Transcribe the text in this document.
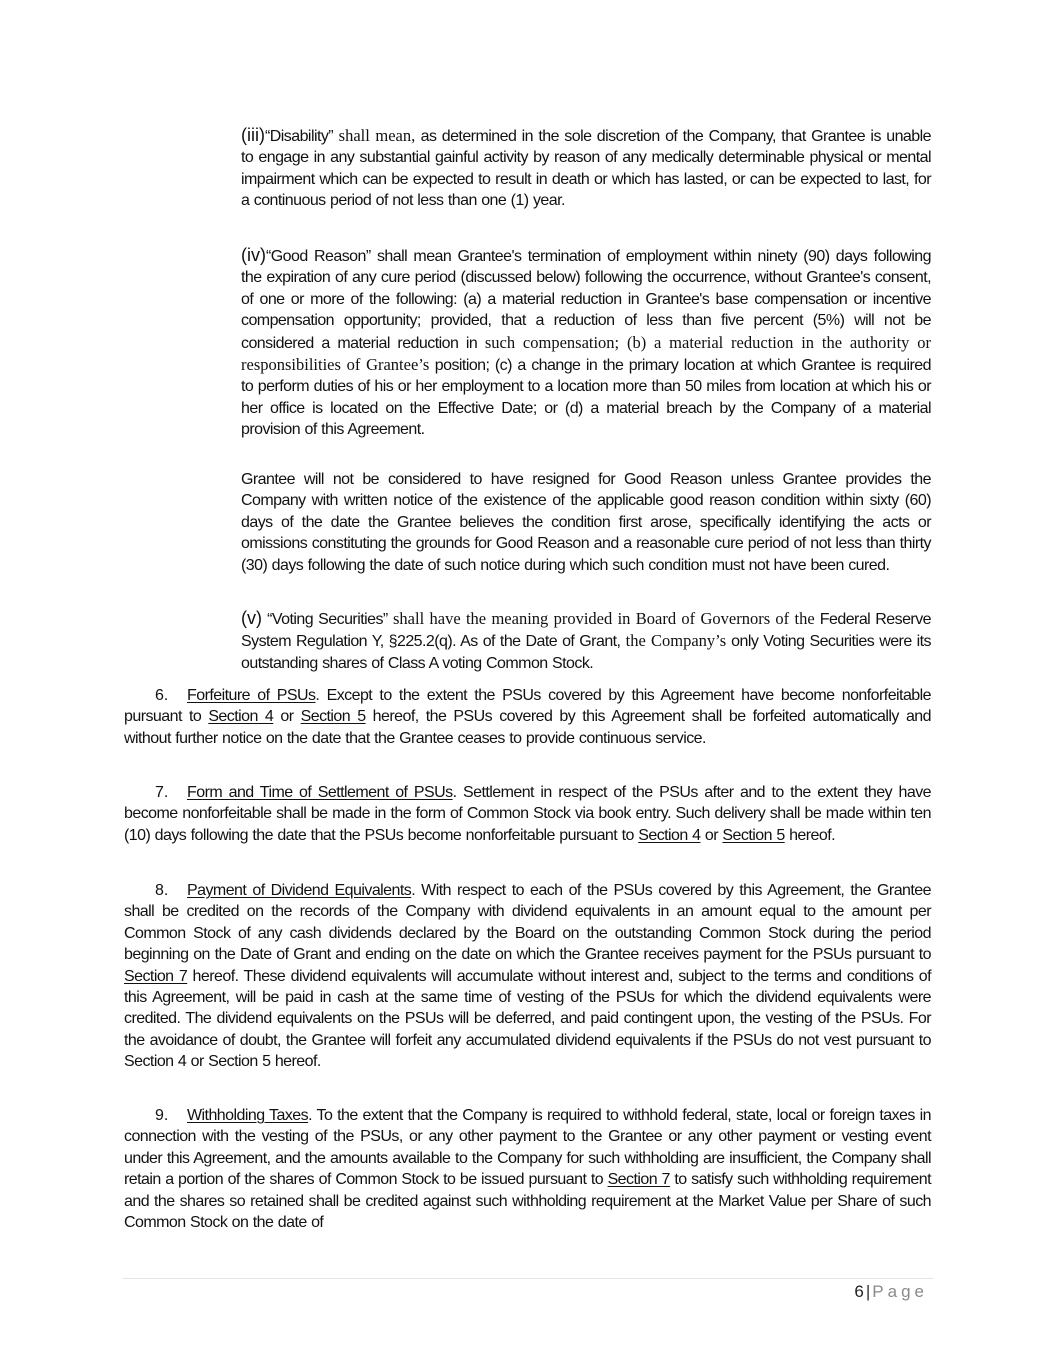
(iii)“Disability” shall mean, as determined in the sole discretion of the Company, that Grantee is unable to engage in any substantial gainful activity by reason of any medically determinable physical or mental impairment which can be expected to result in death or which has lasted, or can be expected to last, for a continuous period of not less than one (1) year.

(iv)“Good Reason” shall mean Grantee's termination of employment within ninety (90) days following the expiration of any cure period (discussed below) following the occurrence, without Grantee's consent, of one or more of the following: (a) a material reduction in Grantee's base compensation or incentive compensation opportunity; provided, that a reduction of less than five percent (5%) will not be considered a material reduction in such compensation; (b) a material reduction in the authority or responsibilities of Grantee’s position; (c) a change in the primary location at which Grantee is required to perform duties of his or her employment to a location more than 50 miles from location at which his or her office is located on the Effective Date; or (d) a material breach by the Company of a material provision of this Agreement.

Grantee will not be considered to have resigned for Good Reason unless Grantee provides the Company with written notice of the existence of the applicable good reason condition within sixty (60) days of the date the Grantee believes the condition first arose, specifically identifying the acts or omissions constituting the grounds for Good Reason and a reasonable cure period of not less than thirty (30) days following the date of such notice during which such condition must not have been cured.

(v) “Voting Securities” shall have the meaning provided in Board of Governors of the Federal Reserve System Regulation Y, §225.2(q). As of the Date of Grant, the Company’s only Voting Securities were its outstanding shares of Class A voting Common Stock.

6. Forfeiture of PSUs. Except to the extent the PSUs covered by this Agreement have become nonforfeitable pursuant to Section 4 or Section 5 hereof, the PSUs covered by this Agreement shall be forfeited automatically and without further notice on the date that the Grantee ceases to provide continuous service.

7. Form and Time of Settlement of PSUs. Settlement in respect of the PSUs after and to the extent they have become nonforfeitable shall be made in the form of Common Stock via book entry. Such delivery shall be made within ten (10) days following the date that the PSUs become nonforfeitable pursuant to Section 4 or Section 5 hereof.

8. Payment of Dividend Equivalents. With respect to each of the PSUs covered by this Agreement, the Grantee shall be credited on the records of the Company with dividend equivalents in an amount equal to the amount per Common Stock of any cash dividends declared by the Board on the outstanding Common Stock during the period beginning on the Date of Grant and ending on the date on which the Grantee receives payment for the PSUs pursuant to Section 7 hereof. These dividend equivalents will accumulate without interest and, subject to the terms and conditions of this Agreement, will be paid in cash at the same time of vesting of the PSUs for which the dividend equivalents were credited. The dividend equivalents on the PSUs will be deferred, and paid contingent upon, the vesting of the PSUs. For the avoidance of doubt, the Grantee will forfeit any accumulated dividend equivalents if the PSUs do not vest pursuant to Section 4 or Section 5 hereof.

9. Withholding Taxes. To the extent that the Company is required to withhold federal, state, local or foreign taxes in connection with the vesting of the PSUs, or any other payment to the Grantee or any other payment or vesting event under this Agreement, and the amounts available to the Company for such withholding are insufficient, the Company shall retain a portion of the shares of Common Stock to be issued pursuant to Section 7 to satisfy such withholding requirement and the shares so retained shall be credited against such withholding requirement at the Market Value per Share of such Common Stock on the date of

6 | Page
